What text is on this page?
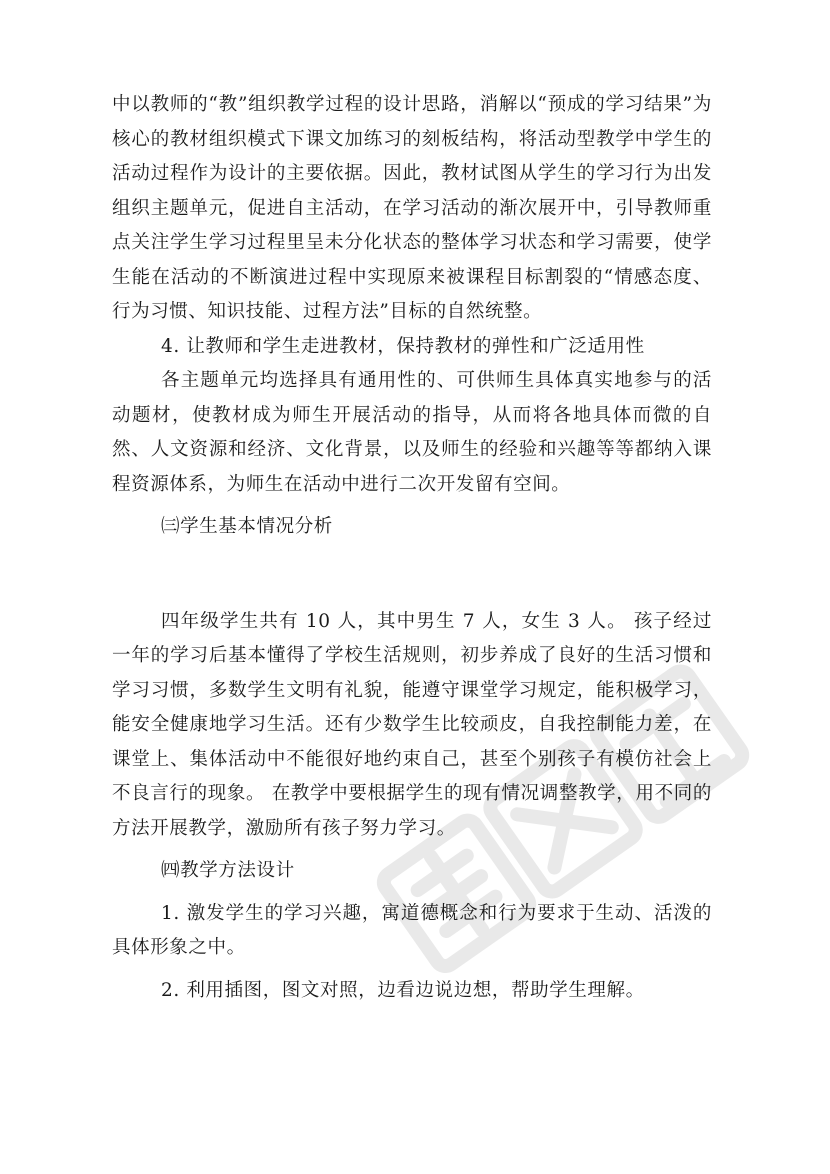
中以教师的“教”组织教学过程的设计思路，消解以“预成的学习结果”为核心的教材组织模式下课文加练习的刻板结构，将活动型教学中学生的活动过程作为设计的主要依据。因此，教材试图从学生的学习行为出发组织主题单元，促进自主活动，在学习活动的渐次展开中，引导教师重点关注学生学习过程里呈未分化状态的整体学习状态和学习需要，使学生能在活动的不断演进过程中实现原来被课程目标割裂的“情感态度、行为习惯、知识技能、过程方法”目标的自然统整。

4. 让教师和学生走进教材，保持教材的弹性和广泛适用性

各主题单元均选择具有通用性的、可供师生具体真实地参与的活动题材，使教材成为师生开展活动的指导，从而将各地具体而微的自然、人文资源和经济、文化背景，以及师生的经验和兴趣等等都纳入课程资源体系，为师生在活动中进行二次开发留有空间。

㈢学生基本情况分析

四年级学生共有 10 人，其中男生 7 人，女生 3 人。 孩子经过一年的学习后基本懂得了学校生活规则，初步养成了良好的生活习惯和学习习惯，多数学生文明有礼貌，能遵守课堂学习规定，能积极学习，能安全健康地学习生活。还有少数学生比较顽皮，自我控制能力差，在课堂上、集体活动中不能很好地约束自己，甚至个别孩子有模仿社会上不良言行的现象。 在教学中要根据学生的现有情况调整教学，用不同的方法开展教学，激励所有孩子努力学习。

㈣教学方法设计

1. 激发学生的学习兴趣，寓道德概念和行为要求于生动、活泼的具体形象之中。

2. 利用插图，图文对照，边看边说边想，帮助学生理解。
